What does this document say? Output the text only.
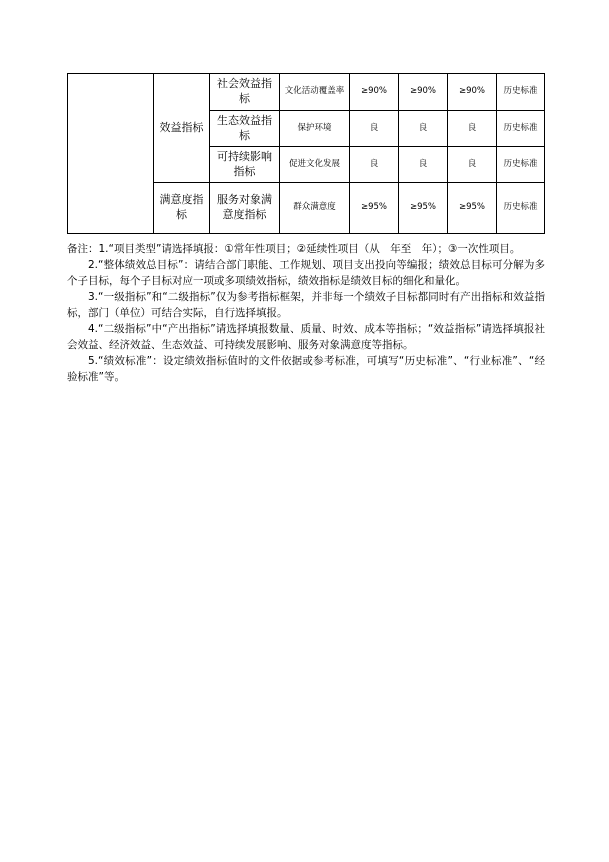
	效益指标	社会效益指标	文化活动覆盖率	≥90%	≥90%	≥90%	历史标准
		生态效益指标	保护环境	良	良	良	历史标准
		可持续影响指标	促进文化发展	良	良	良	历史标准
	满意度指标	服务对象满意度指标	群众满意度	≥95%	≥95%	≥95%	历史标准

备注：1.“项目类型”请选择填报：①常年性项目；②延续性项目（从　年至　年）；③一次性项目。

2.“整体绩效总目标”：请结合部门职能、工作规划、项目支出投向等编报；绩效总目标可分解为多个子目标，每个子目标对应一项或多项绩效指标，绩效指标是绩效目标的细化和量化。

3.“一级指标”和“二级指标”仅为参考指标框架，并非每一个绩效子目标都同时有产出指标和效益指标，部门（单位）可结合实际，自行选择填报。

4.“二级指标”中“产出指标”请选择填报数量、质量、时效、成本等指标；“效益指标”请选择填报社会效益、经济效益、生态效益、可持续发展影响、服务对象满意度等指标。

5.“绩效标准”：设定绩效指标值时的文件依据或参考标准，可填写“历史标准”、“行业标准”、“经验标准”等。
